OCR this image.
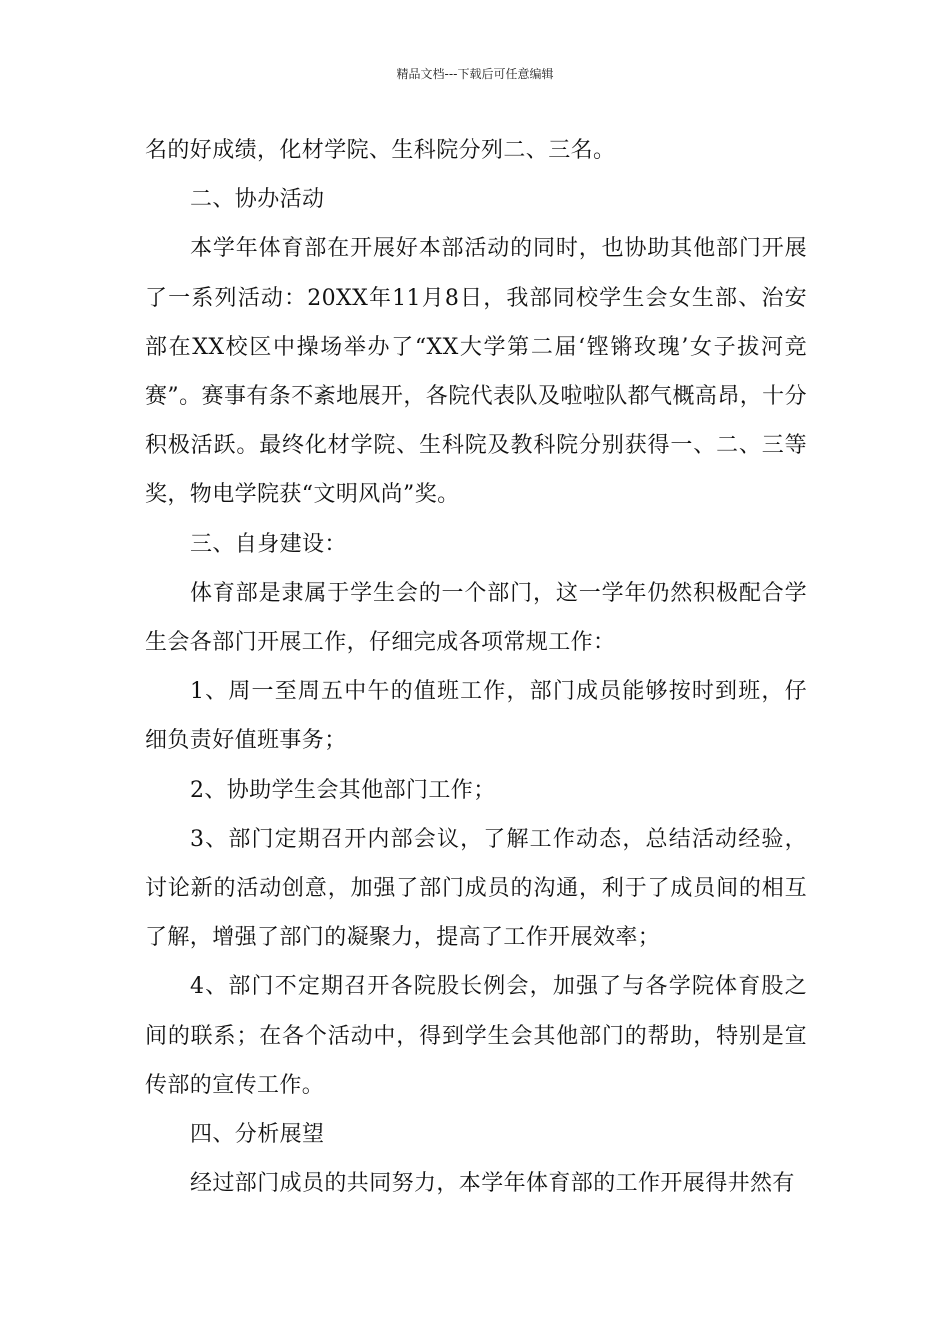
精品文档---下载后可任意编辑

名的好成绩，化材学院、生科院分列二、三名。

二、协办活动

本学年体育部在开展好本部活动的同时，也协助其他部门开展了一系列活动：20XX年11月8日，我部同校学生会女生部、治安部在XX校区中操场举办了“XX大学第二届‘铿锵玫瑰’女子拔河竞赛”。赛事有条不紊地展开，各院代表队及啦啦队都气概高昂，十分积极活跃。最终化材学院、生科院及教科院分别获得一、二、三等奖，物电学院获“文明风尚”奖。

三、自身建设：

体育部是隶属于学生会的一个部门，这一学年仍然积极配合学生会各部门开展工作，仔细完成各项常规工作：

1、周一至周五中午的值班工作，部门成员能够按时到班，仔细负责好值班事务；

2、协助学生会其他部门工作；

3、部门定期召开内部会议，了解工作动态，总结活动经验，讨论新的活动创意，加强了部门成员的沟通，利于了成员间的相互了解，增强了部门的凝聚力，提高了工作开展效率；

4、部门不定期召开各院股长例会，加强了与各学院体育股之间的联系；在各个活动中，得到学生会其他部门的帮助，特别是宣传部的宣传工作。

四、分析展望

经过部门成员的共同努力，本学年体育部的工作开展得井然有
